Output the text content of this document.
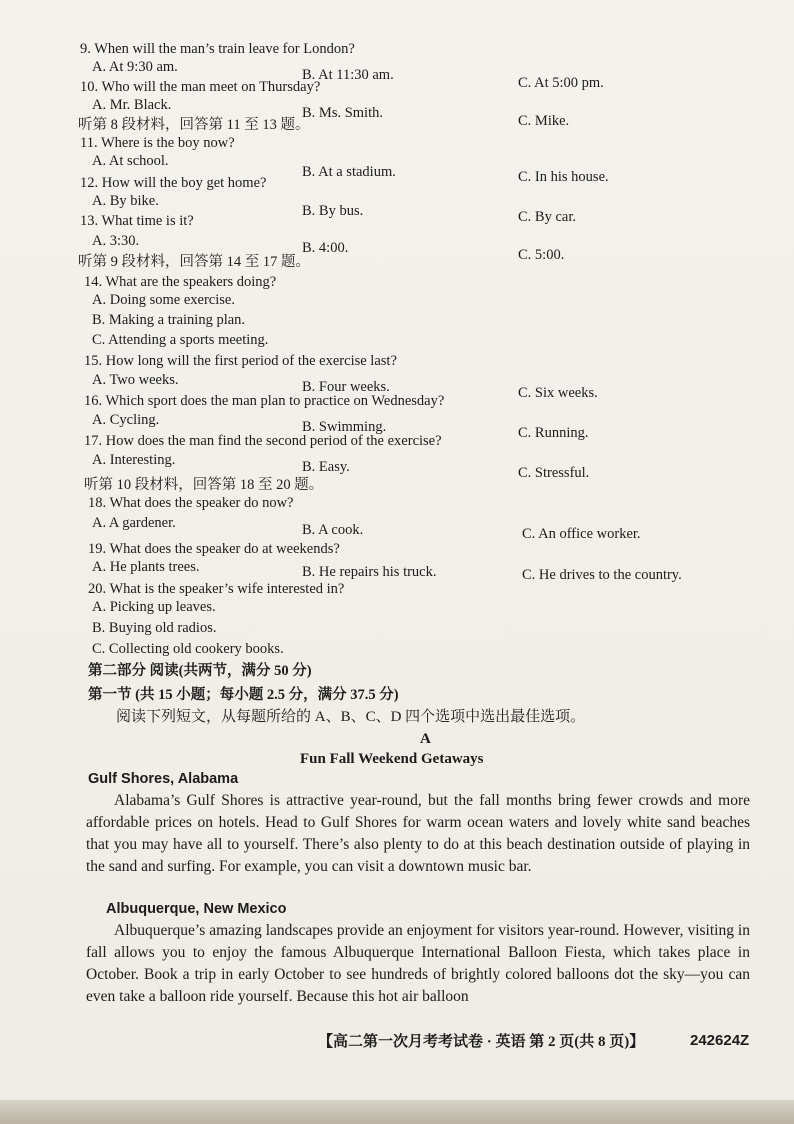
9. When will the man’s train leave for London?
A. At 9:30 am.	B. At 11:30 am.	C. At 5:00 pm.
10. Who will the man meet on Thursday?
A. Mr. Black.	B. Ms. Smith.	C. Mike.
听第 8 段材料，回答第 11 至 13 题。
11. Where is the boy now?
A. At school.
B. At a stadium.	C. In his house.
12. How will the boy get home?
A. By bike.
B. By bus.	C. By car.
13. What time is it?
A. 3:30.	B. 4:00.	C. 5:00.
听第 9 段材料，回答第 14 至 17 题。
14. What are the speakers doing?
A. Doing some exercise.
B. Making a training plan.
C. Attending a sports meeting.
15. How long will the first period of the exercise last?
A. Two weeks.	B. Four weeks.	C. Six weeks.
16. Which sport does the man plan to practice on Wednesday?
A. Cycling.	B. Swimming.	C. Running.
17. How does the man find the second period of the exercise?
A. Interesting.	B. Easy.	C. Stressful.
听第 10 段材料，回答第 18 至 20 题。
18. What does the speaker do now?
A. A gardener.	B. A cook.	C. An office worker.
19. What does the speaker do at weekends?
A. He plants trees.	B. He repairs his truck.	C. He drives to the country.
20. What is the speaker’s wife interested in?
A. Picking up leaves.
B. Buying old radios.
C. Collecting old cookery books.
第二部分 阅读(共两节，满分 50 分)
第一节 (共 15 小题；每小题 2.5 分，满分 37.5 分)
阅读下列短文，从每题所给的 A、B、C、D 四个选项中选出最佳选项。
A
Fun Fall Weekend Getaways
Gulf Shores, Alabama

Alabama’s Gulf Shores is attractive year-round, but the fall months bring fewer crowds and more affordable prices on hotels. Head to Gulf Shores for warm ocean waters and lovely white sand beaches that you may have all to yourself. There’s also plenty to do at this beach destination outside of playing in the sand and surfing. For example, you can visit a downtown music bar.

Albuquerque, New Mexico

Albuquerque’s amazing landscapes provide an enjoyment for visitors year-round. However, visiting in fall allows you to enjoy the famous Albuquerque International Balloon Fiesta, which takes place in October. Book a trip in early October to see hundreds of brightly colored balloons dot the sky—you can even take a balloon ride yourself. Because this hot air balloon

【高二第一次月考考试卷 · 英语 第 2 页(共 8 页)】	242624Z
